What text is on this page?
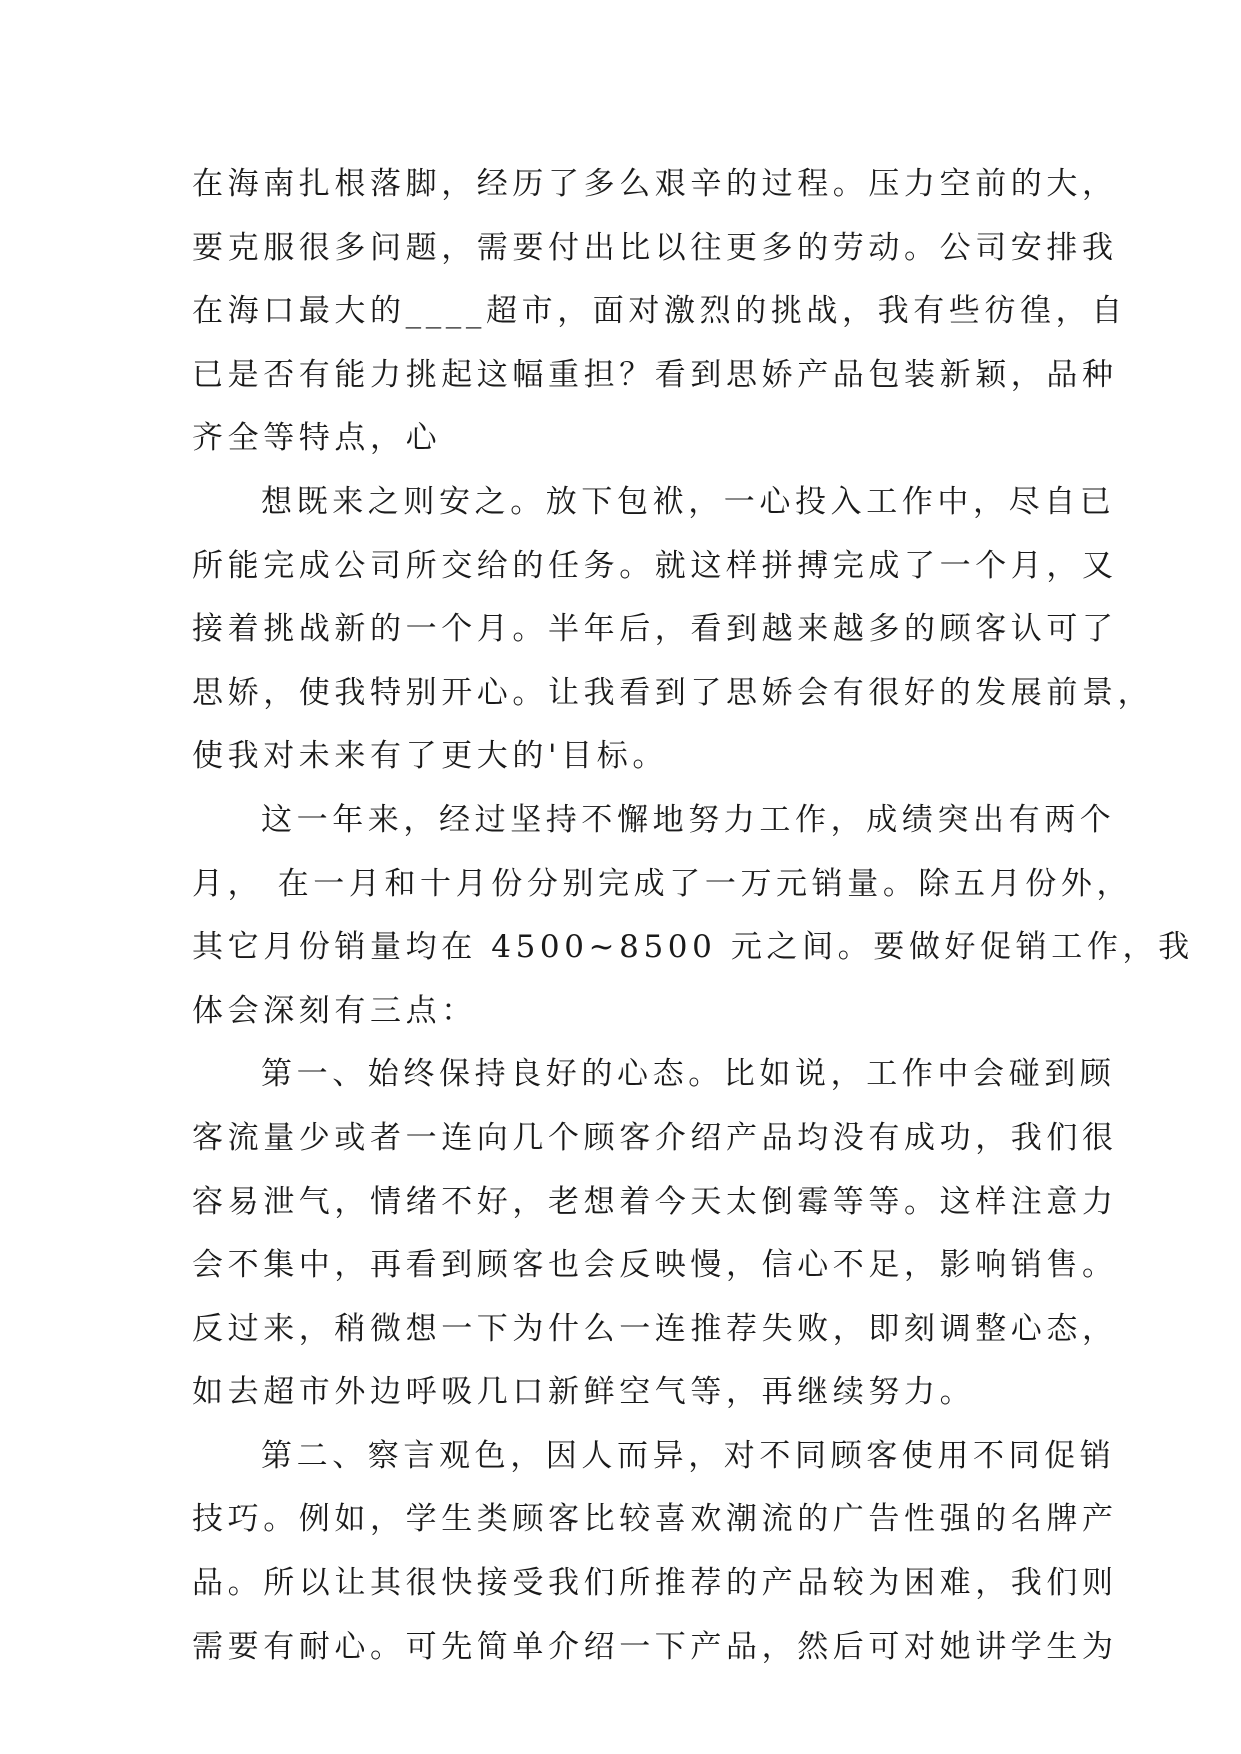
在海南扎根落脚，经历了多么艰辛的过程。压力空前的大，
要克服很多问题，需要付出比以往更多的劳动。公司安排我
在海口最大的____超市，面对激烈的挑战，我有些彷徨，自
已是否有能力挑起这幅重担？看到思娇产品包装新颖，品种
齐全等特点，心
想既来之则安之。放下包袱，一心投入工作中，尽自已
所能完成公司所交给的任务。就这样拼搏完成了一个月，又
接着挑战新的一个月。半年后，看到越来越多的顾客认可了
思娇，使我特别开心。让我看到了思娇会有很好的发展前景，
使我对未来有了更大的'目标。
这一年来，经过坚持不懈地努力工作，成绩突出有两个
月， 在一月和十月份分别完成了一万元销量。除五月份外，
其它月份销量均在 4500~8500 元之间。要做好促销工作，我
体会深刻有三点：
第一、始终保持良好的心态。比如说，工作中会碰到顾
客流量少或者一连向几个顾客介绍产品均没有成功，我们很
容易泄气，情绪不好，老想着今天太倒霉等等。这样注意力
会不集中，再看到顾客也会反映慢，信心不足，影响销售。
反过来，稍微想一下为什么一连推荐失败，即刻调整心态，
如去超市外边呼吸几口新鲜空气等，再继续努力。
第二、察言观色，因人而异，对不同顾客使用不同促销
技巧。例如，学生类顾客比较喜欢潮流的广告性强的名牌产
品。所以让其很快接受我们所推荐的产品较为困难，我们则
需要有耐心。可先简单介绍一下产品，然后可对她讲学生为
